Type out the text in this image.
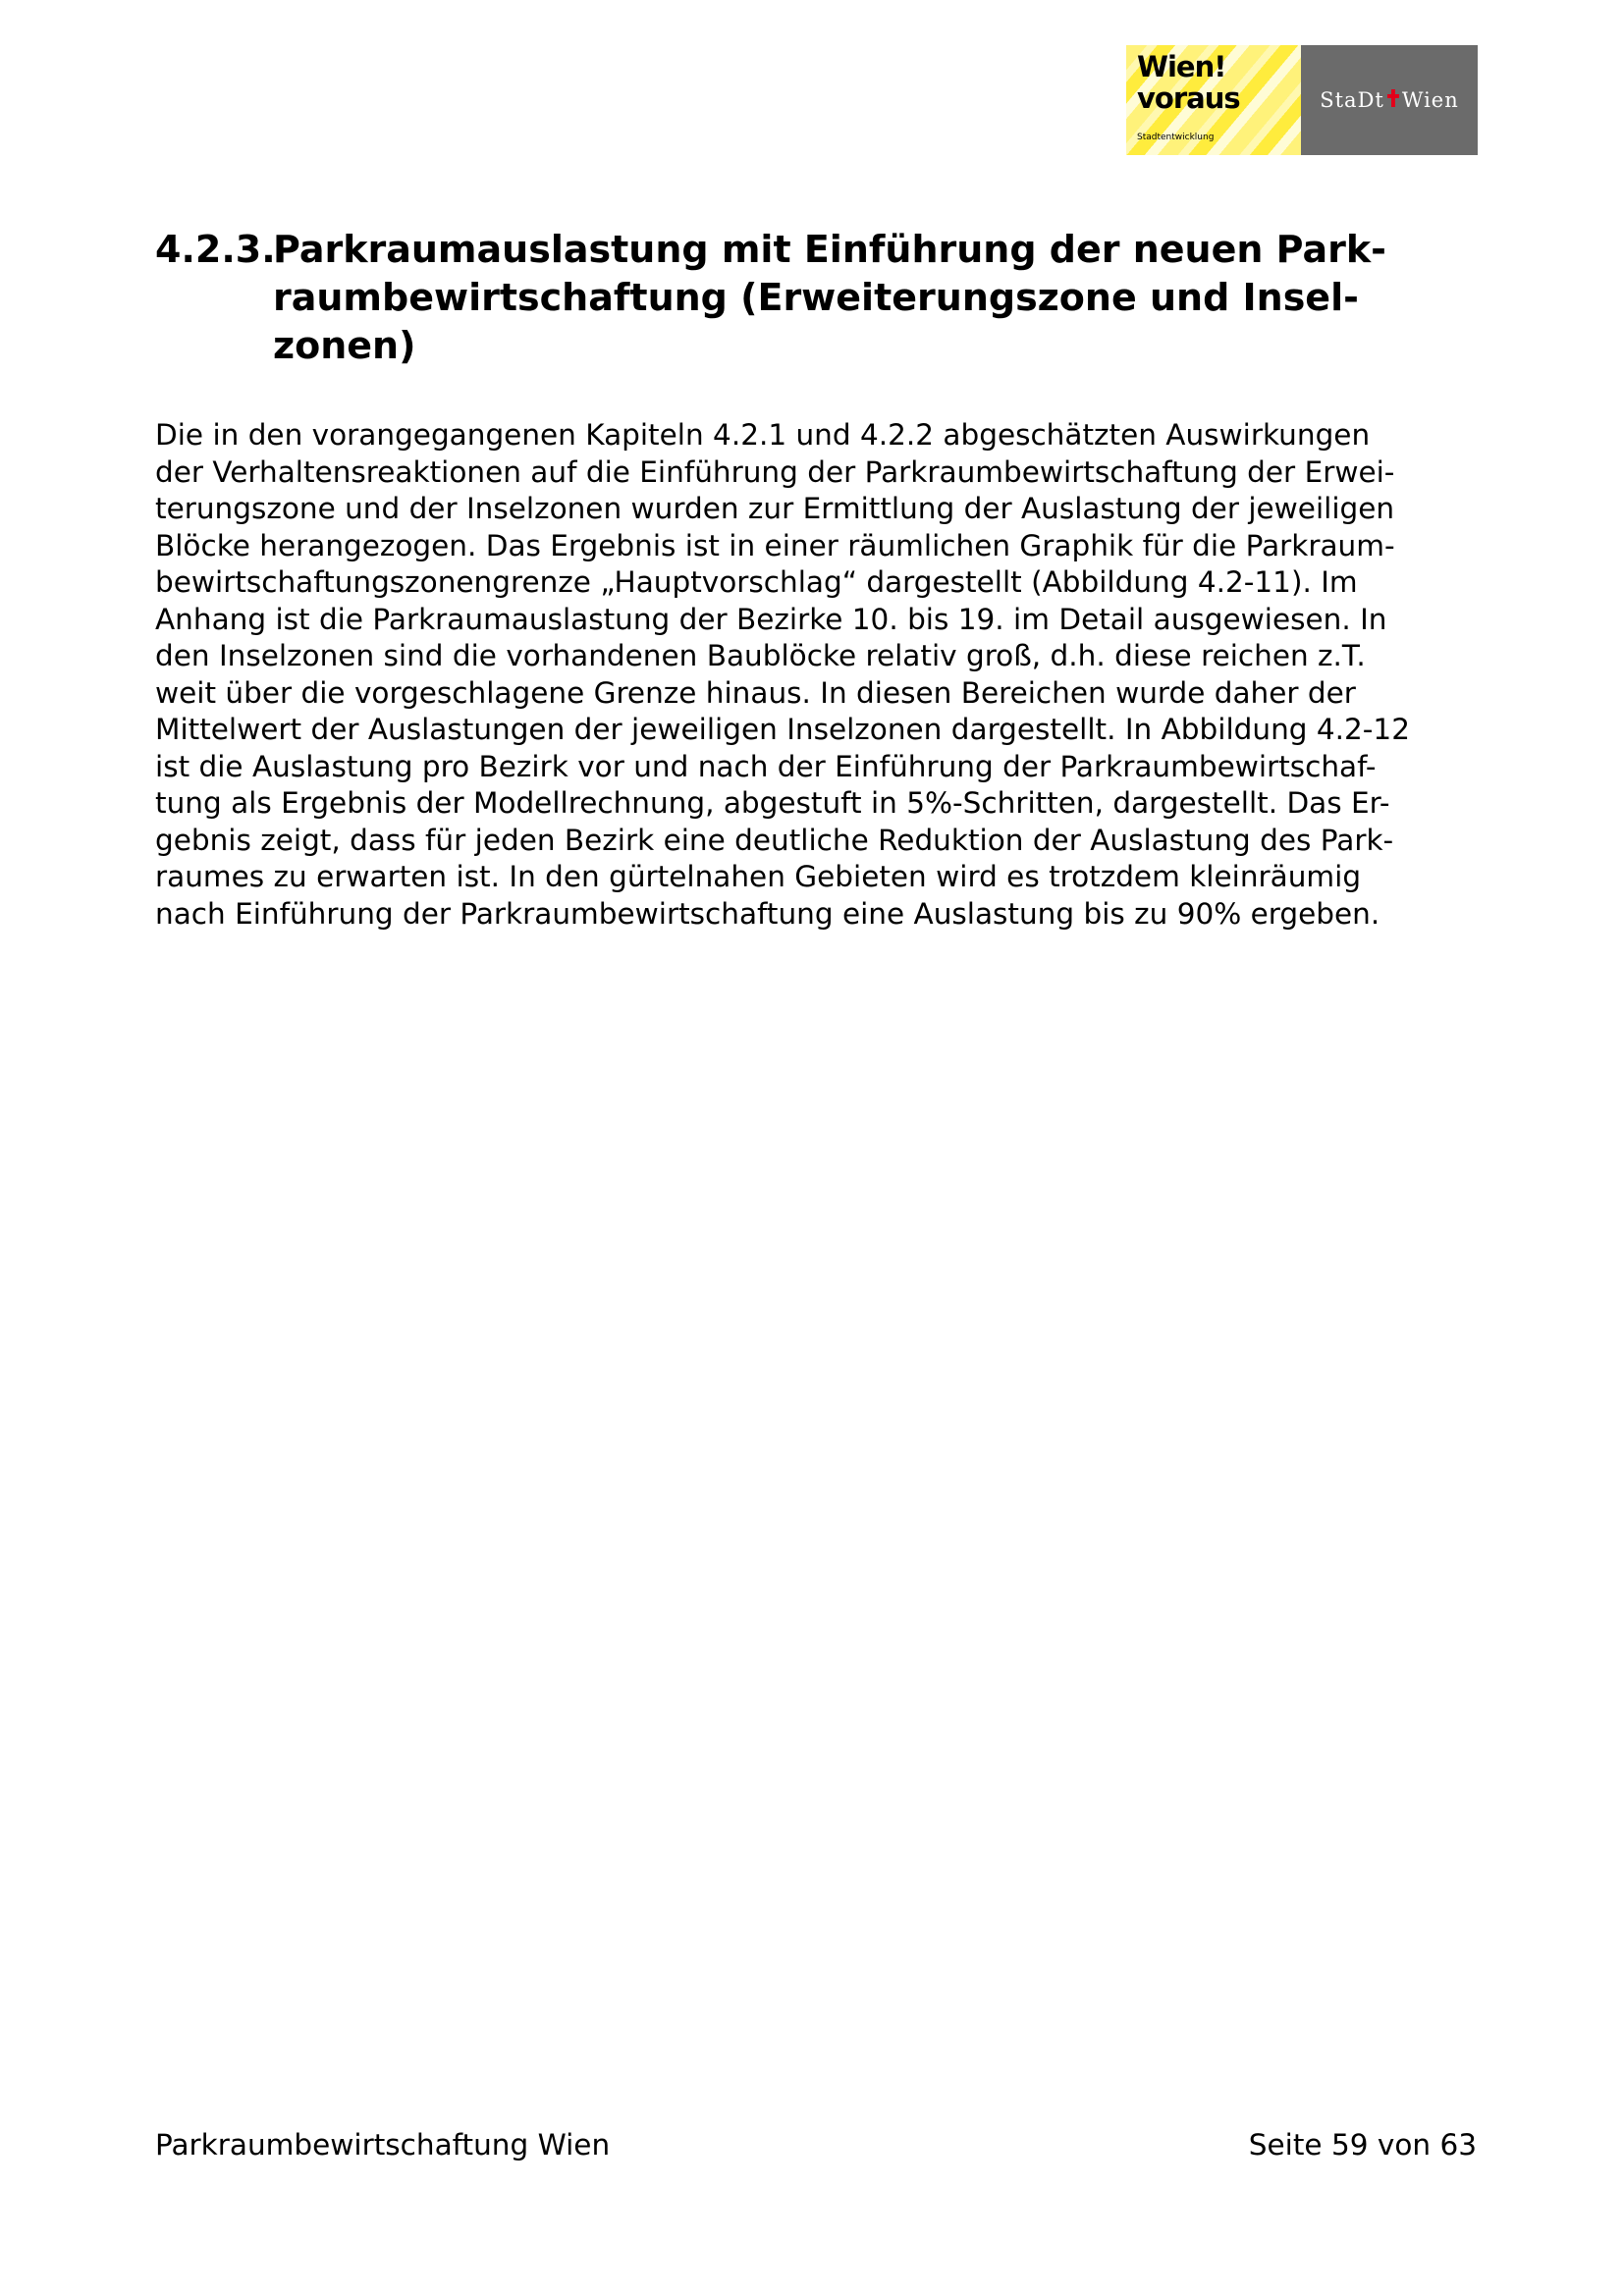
Wien!
voraus
Stadtentwicklung
StaDt Wien
4.2.3.
Parkraumauslastung mit Einführung der neuen Park-
raumbewirtschaftung (Erweiterungszone und Insel-
zonen)
Die in den vorangegangenen Kapiteln 4.2.1 und 4.2.2 abgeschätzten Auswirkungen
der Verhaltensreaktionen auf die Einführung der Parkraumbewirtschaftung der Erwei-
terungszone und der Inselzonen wurden zur Ermittlung der Auslastung der jeweiligen
Blöcke herangezogen. Das Ergebnis ist in einer räumlichen Graphik für die Parkraum-
bewirtschaftungszonengrenze „Hauptvorschlag“ dargestellt (Abbildung 4.2-11). Im
Anhang ist die Parkraumauslastung der Bezirke 10. bis 19. im Detail ausgewiesen. In
den Inselzonen sind die vorhandenen Baublöcke relativ groß, d.h. diese reichen z.T.
weit über die vorgeschlagene Grenze hinaus. In diesen Bereichen wurde daher der
Mittelwert der Auslastungen der jeweiligen Inselzonen dargestellt. In Abbildung 4.2-12
ist die Auslastung pro Bezirk vor und nach der Einführung der Parkraumbewirtschaf-
tung als Ergebnis der Modellrechnung, abgestuft in 5%-Schritten, dargestellt. Das Er-
gebnis zeigt, dass für jeden Bezirk eine deutliche Reduktion der Auslastung des Park-
raumes zu erwarten ist. In den gürtelnahen Gebieten wird es trotzdem kleinräumig
nach Einführung der Parkraumbewirtschaftung eine Auslastung bis zu 90% ergeben.
Parkraumbewirtschaftung Wien	Seite 59 von 63
